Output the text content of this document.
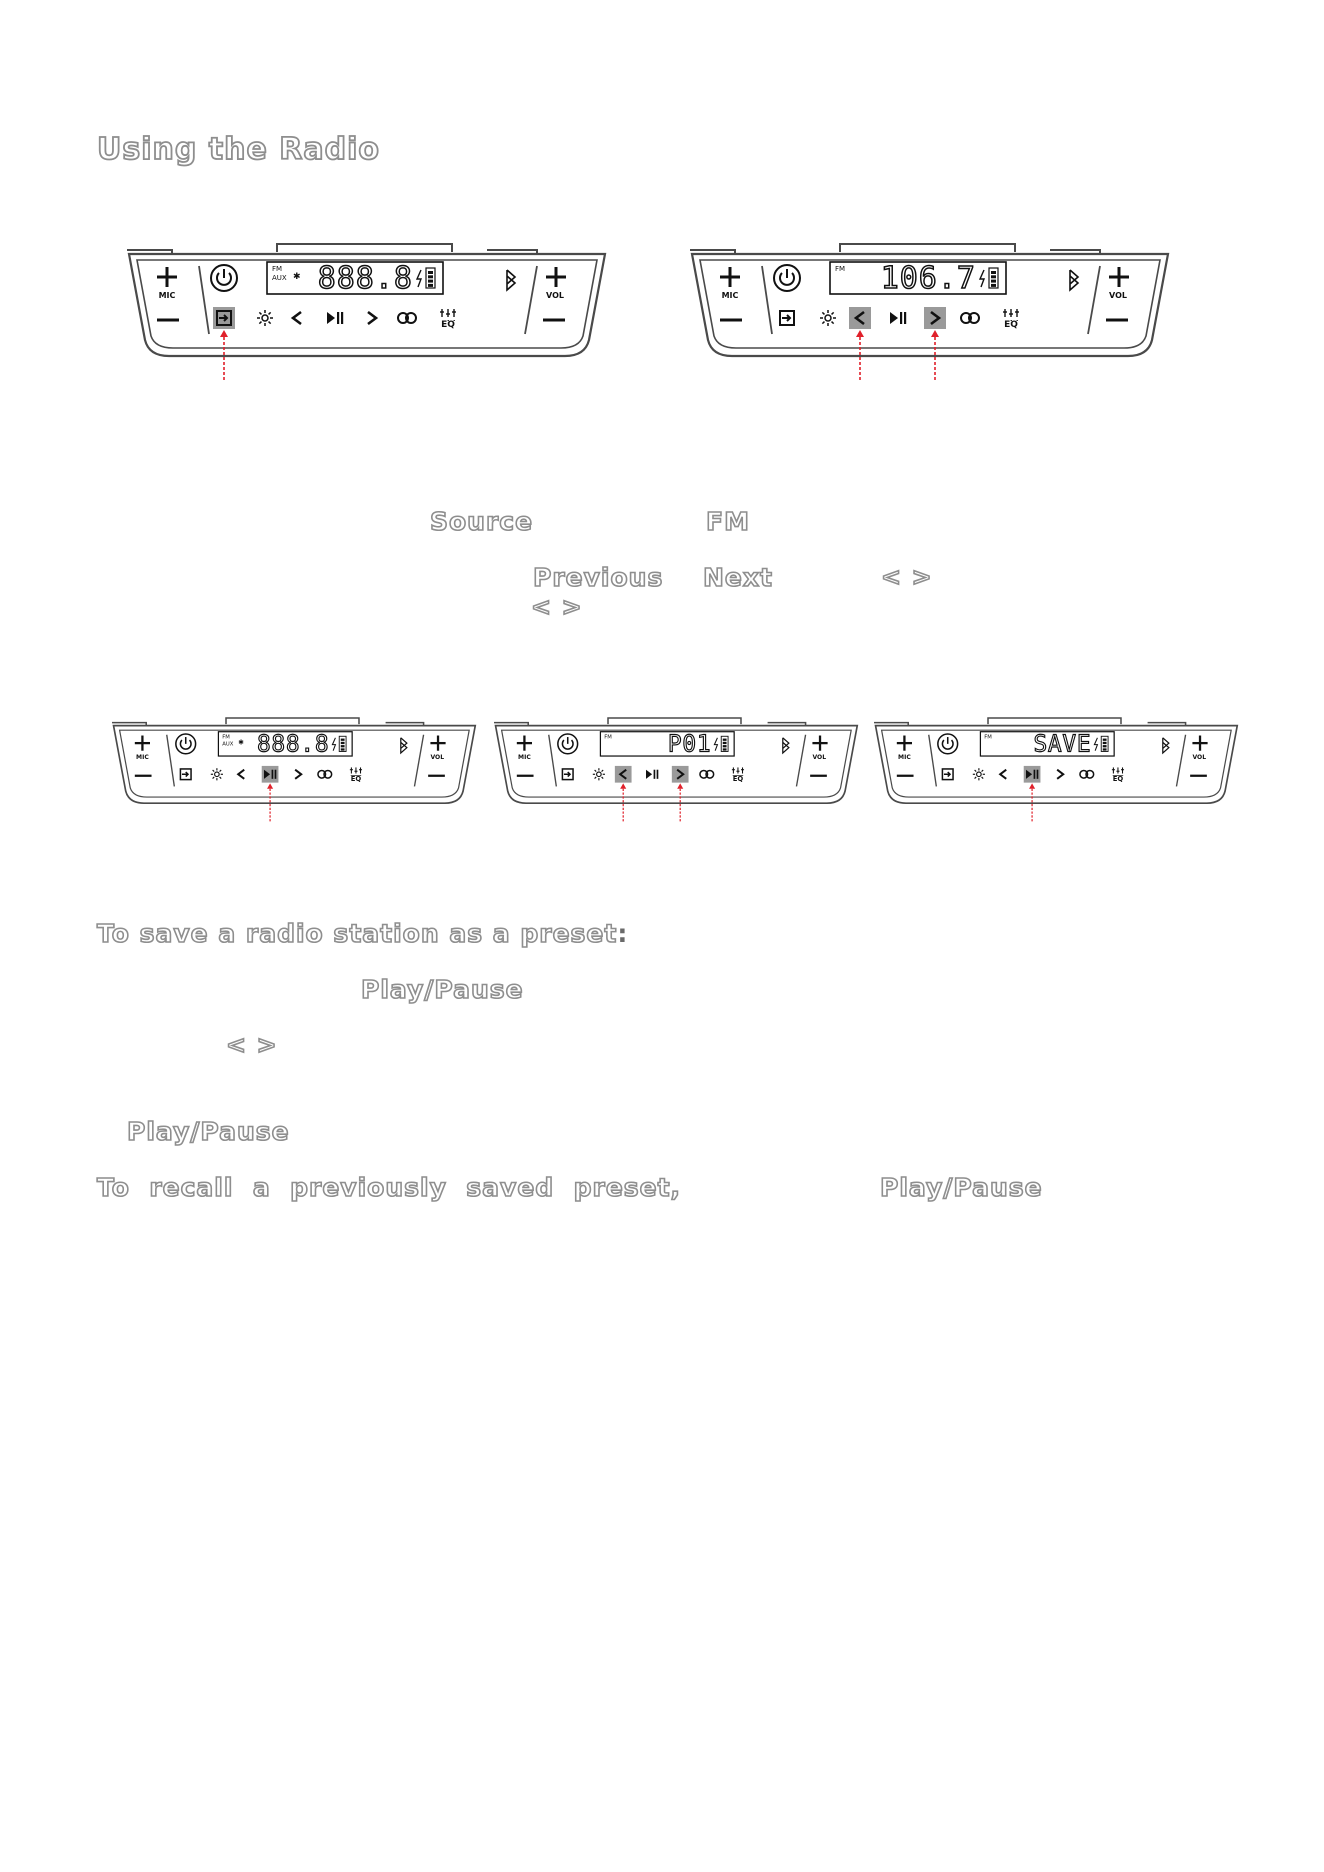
Using the Radio
MIC	VOL
FM
AUX ✱ 888.8
EQ
MIC	VOL
FM 106.7
EQ
MIC	VOL
FM
AUX ✱ 888.8
EQ
MIC	VOL
FM P01
EQ
MIC	VOL
FM SAVE
EQ
Source	FM
Previous Next	< >
< >
To save a radio station as a preset:
Play/Pause
< >
Play/Pause
To  recall  a  previously  saved  preset,	Play/Pause
